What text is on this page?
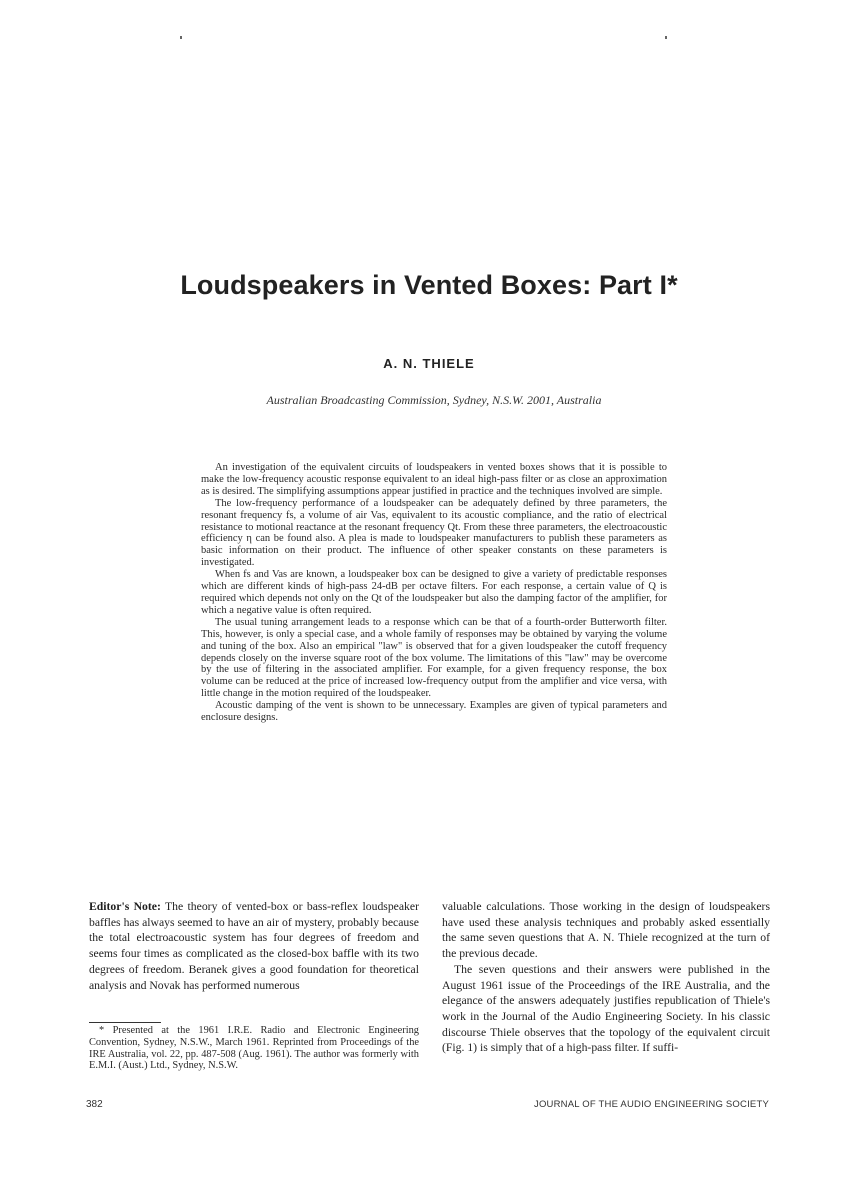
Loudspeakers in Vented Boxes: Part I*
A. N. THIELE
Australian Broadcasting Commission, Sydney, N.S.W. 2001, Australia

An investigation of the equivalent circuits of loudspeakers in vented boxes shows that it is possible to make the low-frequency acoustic response equivalent to an ideal high-pass filter or as close an approximation as is desired. The simplifying assumptions appear justified in practice and the techniques involved are simple.

The low-frequency performance of a loudspeaker can be adequately defined by three parameters, the resonant frequency fs, a volume of air Vas, equivalent to its acoustic compliance, and the ratio of electrical resistance to motional reactance at the resonant frequency Qt. From these three parameters, the electroacoustic efficiency η can be found also. A plea is made to loudspeaker manufacturers to publish these parameters as basic information on their product. The influence of other speaker constants on these parameters is investigated.

When fs and Vas are known, a loudspeaker box can be designed to give a variety of predictable responses which are different kinds of high-pass 24-dB per octave filters. For each response, a certain value of Q is required which depends not only on the Qt of the loudspeaker but also the damping factor of the amplifier, for which a negative value is often required.

The usual tuning arrangement leads to a response which can be that of a fourth-order Butterworth filter. This, however, is only a special case, and a whole family of responses may be obtained by varying the volume and tuning of the box. Also an empirical "law" is observed that for a given loudspeaker the cutoff frequency depends closely on the inverse square root of the box volume. The limitations of this "law" may be overcome by the use of filtering in the associated amplifier. For example, for a given frequency response, the box volume can be reduced at the price of increased low-frequency output from the amplifier and vice versa, with little change in the motion required of the loudspeaker.

Acoustic damping of the vent is shown to be unnecessary. Examples are given of typical parameters and enclosure designs.

Editor's Note: The theory of vented-box or bass-reflex loudspeaker baffles has always seemed to have an air of mystery, probably because the total electroacoustic system has four degrees of freedom and seems four times as complicated as the closed-box baffle with its two degrees of freedom. Beranek gives a good foundation for theoretical analysis and Novak has performed numerous

* Presented at the 1961 I.R.E. Radio and Electronic Engineering Convention, Sydney, N.S.W., March 1961. Reprinted from Proceedings of the IRE Australia, vol. 22, pp. 487-508 (Aug. 1961). The author was formerly with E.M.I. (Aust.) Ltd., Sydney, N.S.W.

valuable calculations. Those working in the design of loudspeakers have used these analysis techniques and probably asked essentially the same seven questions that A. N. Thiele recognized at the turn of the previous decade.

The seven questions and their answers were published in the August 1961 issue of the Proceedings of the IRE Australia, and the elegance of the answers adequately justifies republication of Thiele's work in the Journal of the Audio Engineering Society. In his classic discourse Thiele observes that the topology of the equivalent circuit (Fig. 1) is simply that of a high-pass filter. If suffi-

382	JOURNAL OF THE AUDIO ENGINEERING SOCIETY
